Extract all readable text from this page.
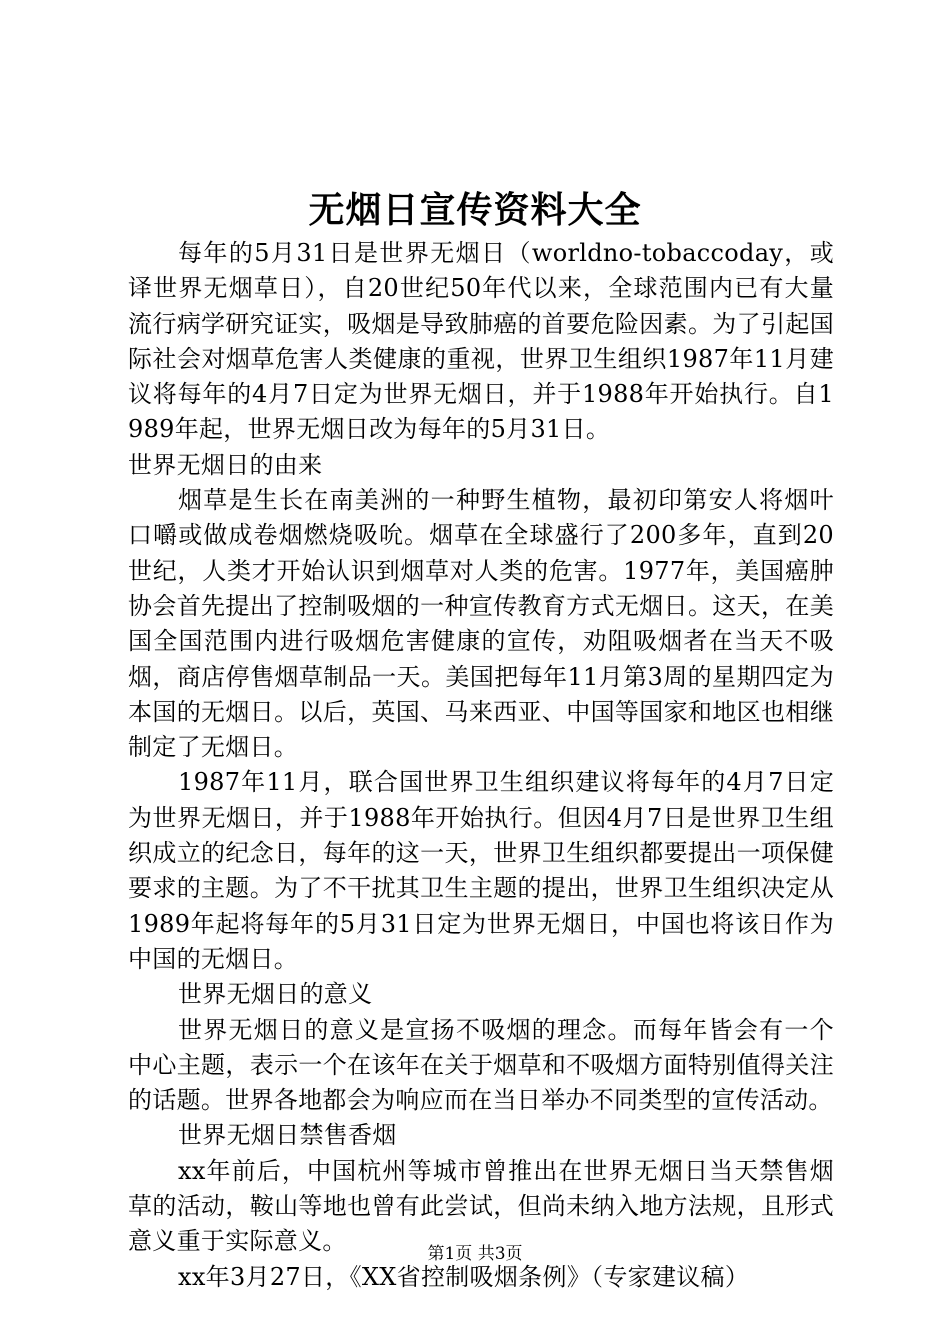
无烟日宣传资料大全

每年的5月31日是世界无烟日（worldno-tobaccoday，或译世界无烟草日），自20世纪50年代以来，全球范围内已有大量流行病学研究证实，吸烟是导致肺癌的首要危险因素。为了引起国际社会对烟草危害人类健康的重视，世界卫生组织1987年11月建议将每年的4月7日定为世界无烟日，并于1988年开始执行。自1989年起，世界无烟日改为每年的5月31日。

世界无烟日的由来

烟草是生长在南美洲的一种野生植物，最初印第安人将烟叶口嚼或做成卷烟燃烧吸吮。烟草在全球盛行了200多年，直到20世纪，人类才开始认识到烟草对人类的危害。1977年，美国癌肿协会首先提出了控制吸烟的一种宣传教育方式无烟日。这天，在美国全国范围内进行吸烟危害健康的宣传，劝阻吸烟者在当天不吸烟，商店停售烟草制品一天。美国把每年11月第3周的星期四定为本国的无烟日。以后，英国、马来西亚、中国等国家和地区也相继制定了无烟日。

1987年11月，联合国世界卫生组织建议将每年的4月7日定为世界无烟日，并于1988年开始执行。但因4月7日是世界卫生组织成立的纪念日，每年的这一天，世界卫生组织都要提出一项保健要求的主题。为了不干扰其卫生主题的提出，世界卫生组织决定从1989年起将每年的5月31日定为世界无烟日，中国也将该日作为中国的无烟日。

世界无烟日的意义

世界无烟日的意义是宣扬不吸烟的理念。而每年皆会有一个中心主题，表示一个在该年在关于烟草和不吸烟方面特别值得关注的话题。世界各地都会为响应而在当日举办不同类型的宣传活动。

世界无烟日禁售香烟

xx年前后，中国杭州等城市曾推出在世界无烟日当天禁售烟草的活动，鞍山等地也曾有此尝试，但尚未纳入地方法规，且形式意义重于实际意义。

xx年3月27日，《XX省控制吸烟条例》（专家建议稿）

第1页 共3页
